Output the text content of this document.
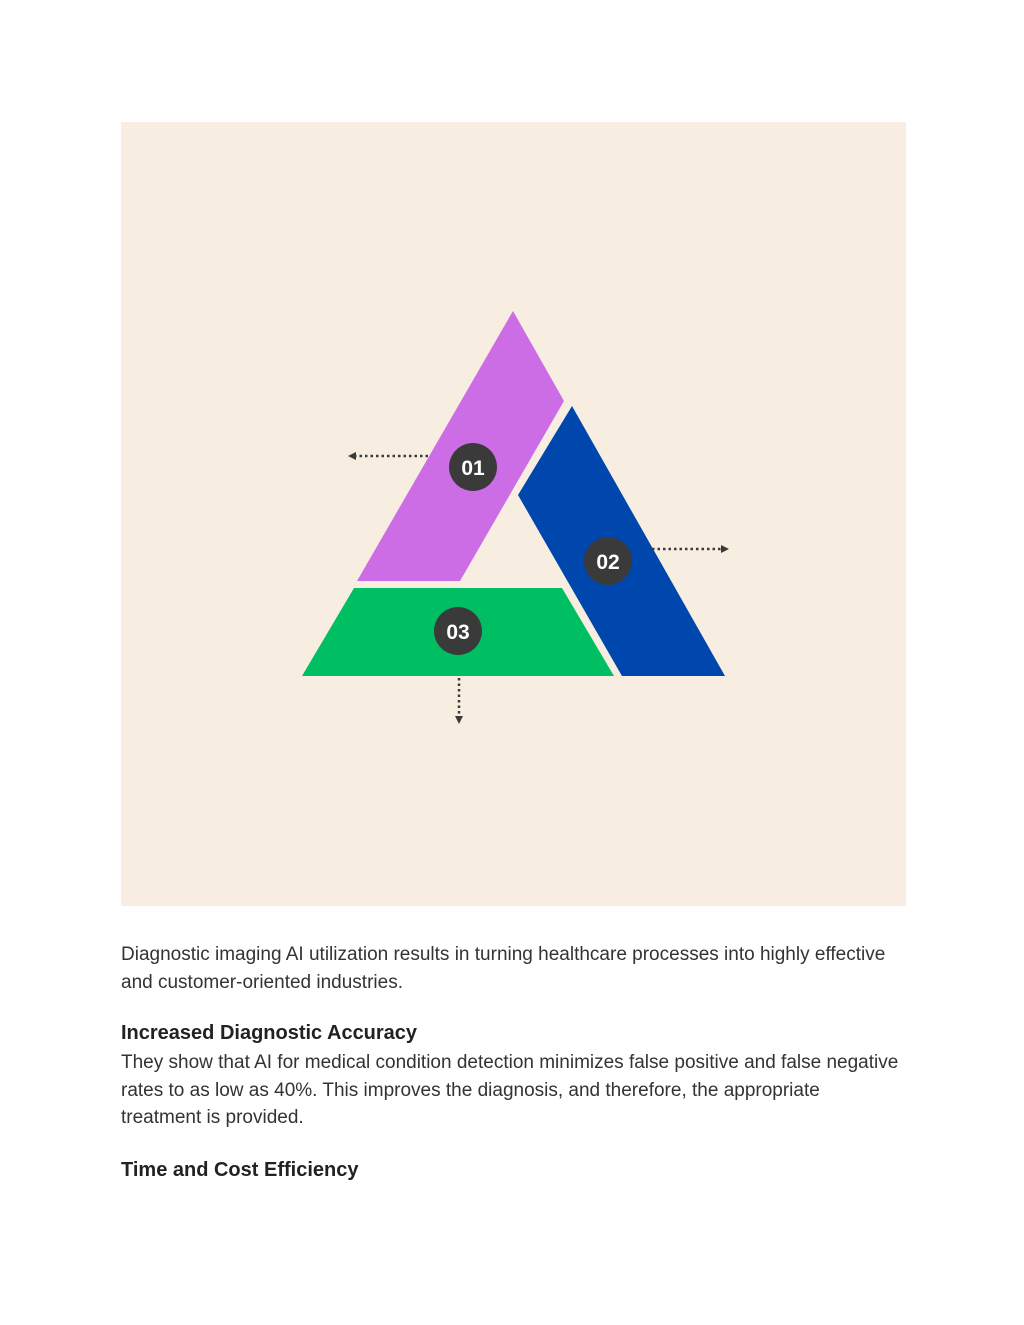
01
02
03
Diagnostic imaging AI utilization results in turning healthcare processes into highly effective and customer-oriented industries.
Increased Diagnostic Accuracy
They show that AI for medical condition detection minimizes false positive and false negative rates to as low as 40%. This improves the diagnosis, and therefore, the appropriate treatment is provided.
Time and Cost Efficiency
